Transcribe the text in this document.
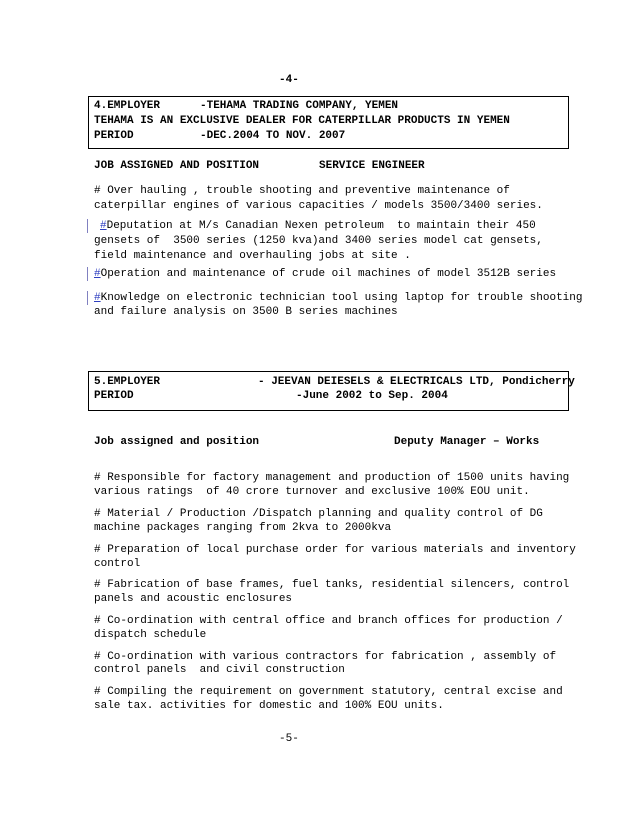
-4-
4.EMPLOYER	-TEHAMA TRADING COMPANY, YEMEN
TEHAMA IS AN EXCLUSIVE DEALER FOR CATERPILLAR PRODUCTS IN YEMEN
PERIOD	-DEC.2004 TO NOV. 2007
JOB ASSIGNED AND POSITION	SERVICE ENGINEER
# Over hauling , trouble shooting and preventive maintenance of
caterpillar engines of various capacities / models 3500/3400 series.
#Deputation at M/s Canadian Nexen petroleum  to maintain their 450
gensets of  3500 series (1250 kva)and 3400 series model cat gensets,
field maintenance and overhauling jobs at site .
#Operation and maintenance of crude oil machines of model 3512B series
#Knowledge on electronic technician tool using laptop for trouble shooting
and failure analysis on 3500 B series machines
5.EMPLOYER	- JEEVAN DEIESELS & ELECTRICALS LTD, Pondicherry
PERIOD	-June 2002 to Sep. 2004
Job assigned and position	Deputy Manager – Works
# Responsible for factory management and production of 1500 units having
various ratings  of 40 crore turnover and exclusive 100% EOU unit.
# Material / Production /Dispatch planning and quality control of DG
machine packages ranging from 2kva to 2000kva
# Preparation of local purchase order for various materials and inventory
control
# Fabrication of base frames, fuel tanks, residential silencers, control
panels and acoustic enclosures
# Co-ordination with central office and branch offices for production /
dispatch schedule
# Co-ordination with various contractors for fabrication , assembly of
control panels  and civil construction
# Compiling the requirement on government statutory, central excise and
sale tax. activities for domestic and 100% EOU units.
-5-
